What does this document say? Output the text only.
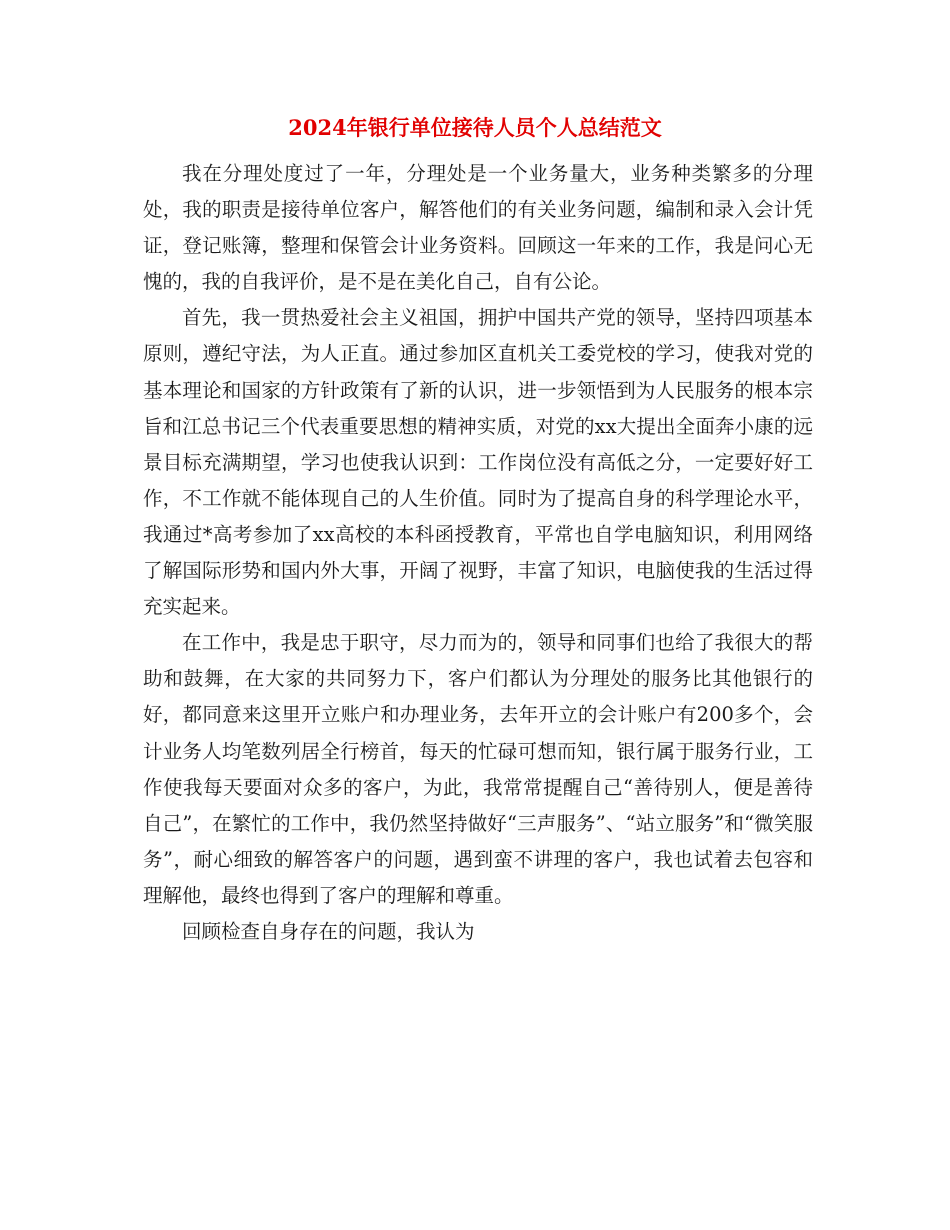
2024年银行单位接待人员个人总结范文

我在分理处度过了一年，分理处是一个业务量大，业务种类繁多的分理处，我的职责是接待单位客户，解答他们的有关业务问题，编制和录入会计凭证，登记账簿，整理和保管会计业务资料。回顾这一年来的工作，我是问心无愧的，我的自我评价，是不是在美化自己，自有公论。

首先，我一贯热爱社会主义祖国，拥护中国共产党的领导，坚持四项基本原则，遵纪守法，为人正直。通过参加区直机关工委党校的学习，使我对党的基本理论和国家的方针政策有了新的认识，进一步领悟到为人民服务的根本宗旨和江总书记三个代表重要思想的精神实质，对党的xx大提出全面奔小康的远景目标充满期望，学习也使我认识到：工作岗位没有高低之分，一定要好好工作，不工作就不能体现自己的人生价值。同时为了提高自身的科学理论水平，我通过*高考参加了xx高校的本科函授教育，平常也自学电脑知识，利用网络了解国际形势和国内外大事，开阔了视野，丰富了知识，电脑使我的生活过得充实起来。

在工作中，我是忠于职守，尽力而为的，领导和同事们也给了我很大的帮助和鼓舞，在大家的共同努力下，客户们都认为分理处的服务比其他银行的好，都同意来这里开立账户和办理业务，去年开立的会计账户有200多个，会计业务人均笔数列居全行榜首，每天的忙碌可想而知，银行属于服务行业，工作使我每天要面对众多的客户，为此，我常常提醒自己“善待别人，便是善待自己”，在繁忙的工作中，我仍然坚持做好“三声服务”、“站立服务”和“微笑服务”，耐心细致的解答客户的问题，遇到蛮不讲理的客户，我也试着去包容和理解他，最终也得到了客户的理解和尊重。

回顾检查自身存在的问题，我认为
